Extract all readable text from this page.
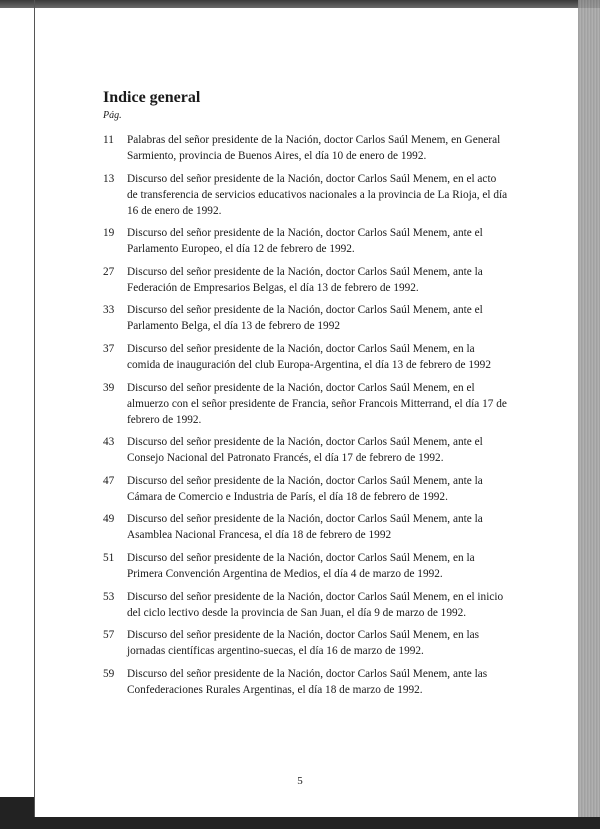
Indice general
Pág.
11	Palabras del señor presidente de la Nación, doctor Carlos Saúl Menem, en General Sarmiento, provincia de Buenos Aires, el día 10 de enero de 1992.
13	Discurso del señor presidente de la Nación, doctor Carlos Saúl Menem, en el acto de transferencia de servicios educativos nacionales a la provincia de La Rioja, el día 16 de enero de 1992.
19	Discurso del señor presidente de la Nación, doctor Carlos Saúl Menem, ante el Parlamento Europeo, el día 12 de febrero de 1992.
27	Discurso del señor presidente de la Nación, doctor Carlos Saúl Menem, ante la Federación de Empresarios Belgas, el día 13 de febrero de 1992.
33	Discurso del señor presidente de la Nación, doctor Carlos Saúl Menem, ante el Parlamento Belga, el día 13 de febrero de 1992
37	Discurso del señor presidente de la Nación, doctor Carlos Saúl Menem, en la comida de inauguración del club Europa-Argentina, el día 13 de febrero de 1992
39	Discurso del señor presidente de la Nación, doctor Carlos Saúl Menem, en el almuerzo con el señor presidente de Francia, señor Francois Mitterrand, el día 17 de febrero de 1992.
43	Discurso del señor presidente de la Nación, doctor Carlos Saúl Menem, ante el Consejo Nacional del Patronato Francés, el día 17 de febrero de 1992.
47	Discurso del señor presidente de la Nación, doctor Carlos Saúl Menem, ante la Cámara de Comercio e Industria de París, el día 18 de febrero de 1992.
49	Discurso del señor presidente de la Nación, doctor Carlos Saúl Menem, ante la Asamblea Nacional Francesa, el día 18 de febrero de 1992
51	Discurso del señor presidente de la Nación, doctor Carlos Saúl Menem, en la Primera Convención Argentina de Medios, el día 4 de marzo de 1992.
53	Discurso del señor presidente de la Nación, doctor Carlos Saúl Menem, en el inicio del ciclo lectivo desde la provincia de San Juan, el día 9 de marzo de 1992.
57	Discurso del señor presidente de la Nación, doctor Carlos Saúl Menem, en las jornadas científicas argentino-suecas, el día 16 de marzo de 1992.
59	Discurso del señor presidente de la Nación, doctor Carlos Saúl Menem, ante las Confederaciones Rurales Argentinas, el día 18 de marzo de 1992.
5
